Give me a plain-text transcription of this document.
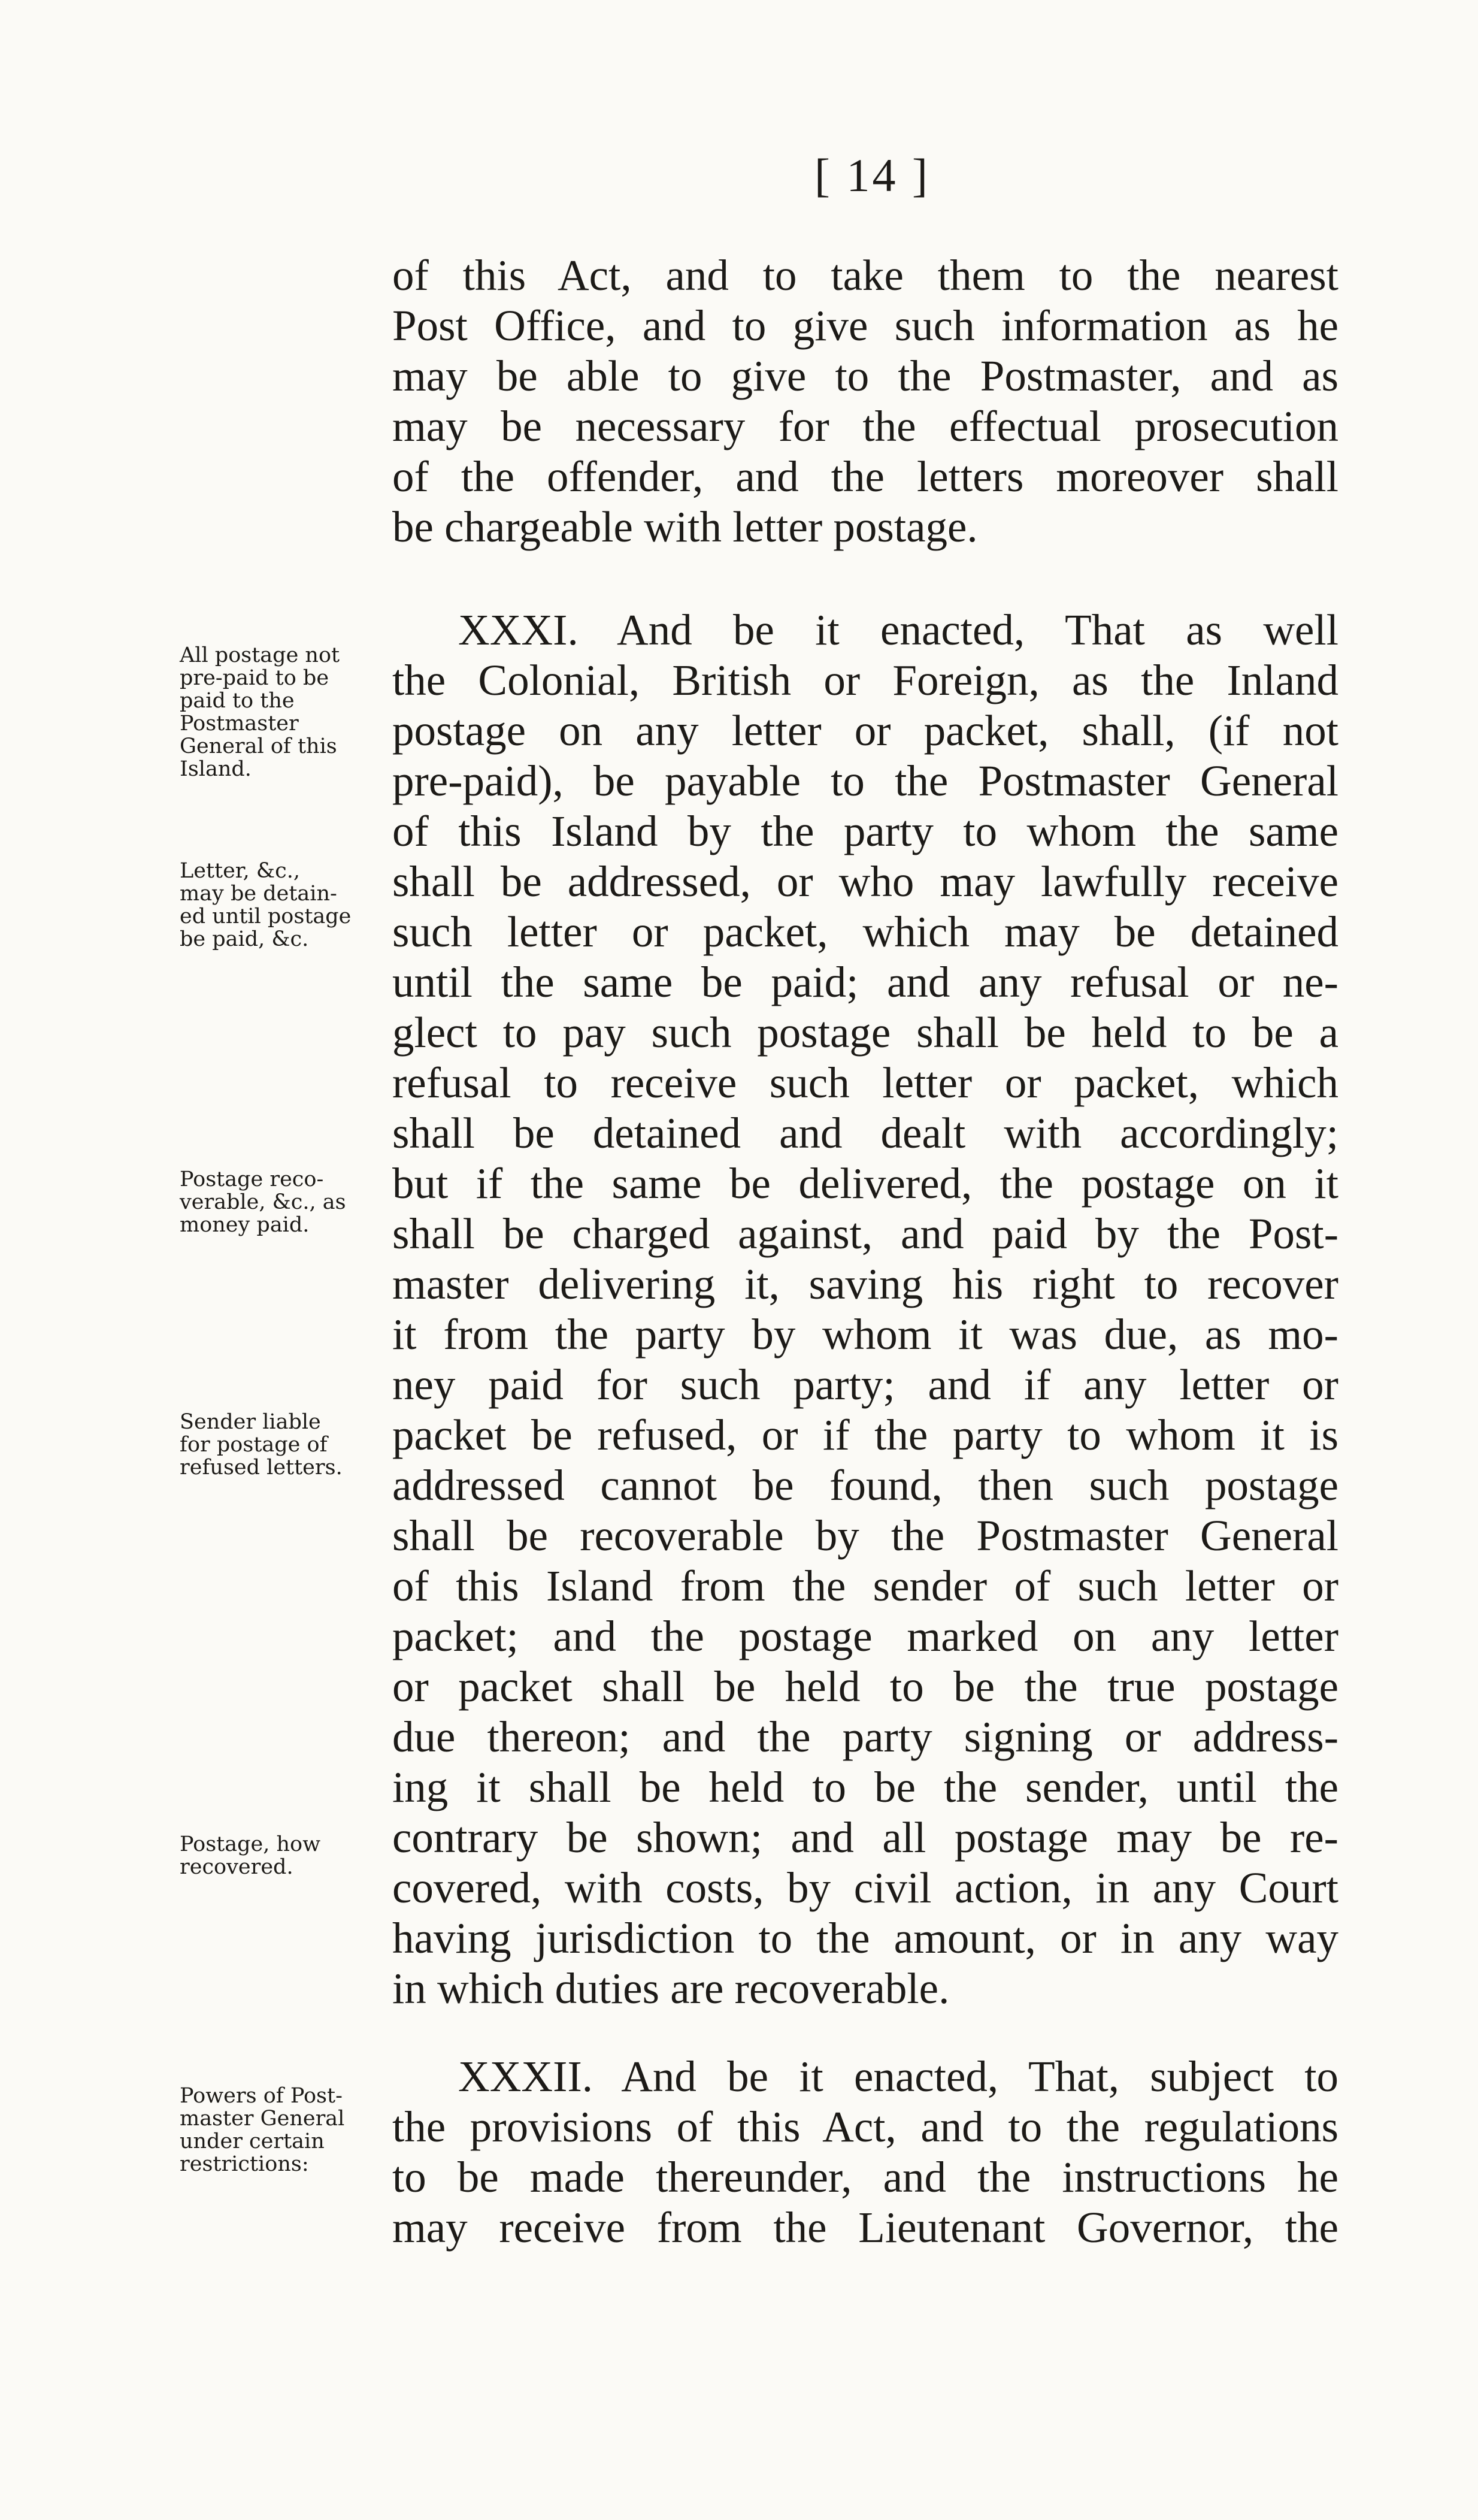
[ 14 ]
of this Act, and to take them to the nearest
Post Office, and to give such information as he
may be able to give to the Postmaster, and as
may be necessary for the effectual prosecution
of the offender, and the letters moreover shall
be chargeable with letter postage.
XXXI. And be it enacted, That as well
the Colonial, British or Foreign, as the Inland
postage on any letter or packet, shall, (if not
pre-paid), be payable to the Postmaster General
of this Island by the party to whom the same
shall be addressed, or who may lawfully receive
such letter or packet, which may be detained
until the same be paid; and any refusal or ne-
glect to pay such postage shall be held to be a
refusal to receive such letter or packet, which
shall be detained and dealt with accordingly;
but if the same be delivered, the postage on it
shall be charged against, and paid by the Post-
master delivering it, saving his right to recover
it from the party by whom it was due, as mo-
ney paid for such party; and if any letter or
packet be refused, or if the party to whom it is
addressed cannot be found, then such postage
shall be recoverable by the Postmaster General
of this Island from the sender of such letter or
packet; and the postage marked on any letter
or packet shall be held to be the true postage
due thereon; and the party signing or address-
ing it shall be held to be the sender, until the
contrary be shown; and all postage may be re-
covered, with costs, by civil action, in any Court
having jurisdiction to the amount, or in any way
in which duties are recoverable.
XXXII. And be it enacted, That, subject to
the provisions of this Act, and to the regulations
to be made thereunder, and the instructions he
may receive from the Lieutenant Governor, the
All postage not
pre-paid to be
paid to the
Postmaster
General of this
Island.
Letter, &c.,
may be detain-
ed until postage
be paid, &c.
Postage reco-
verable, &c., as
money paid.
Sender liable
for postage of
refused letters.
Postage, how
recovered.
Powers of Post-
master General
under certain
restrictions:
